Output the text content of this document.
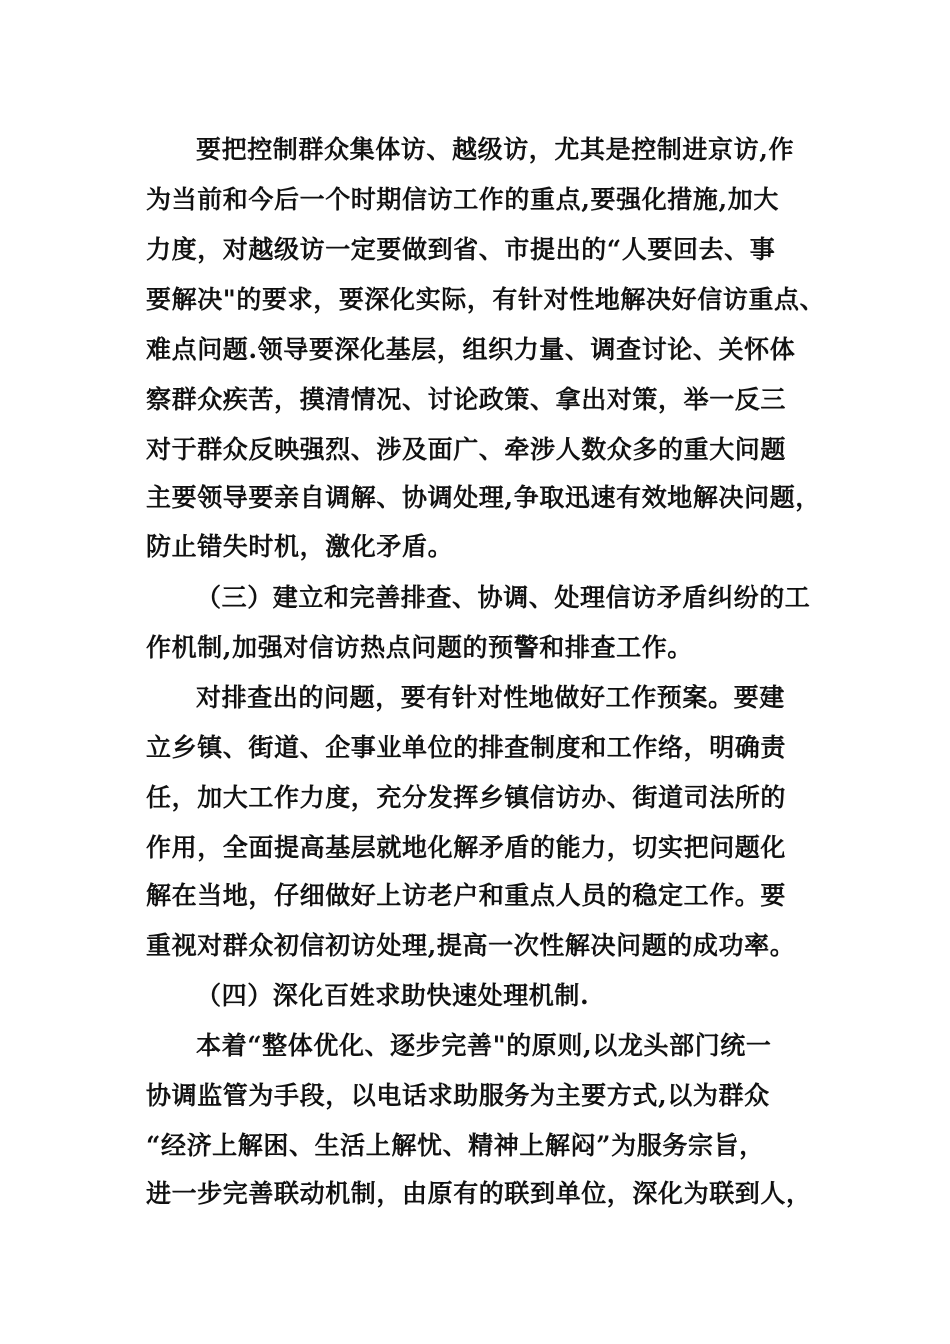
要把控制群众集体访、越级访，尤其是控制进京访,作
为当前和今后一个时期信访工作的重点,要强化措施,加大
力度，对越级访一定要做到省、市提出的“人要回去、事
要解决"的要求，要深化实际，有针对性地解决好信访重点、
难点问题.领导要深化基层，组织力量、调查讨论、关怀体
察群众疾苦，摸清情况、讨论政策、拿出对策，举一反三
对于群众反映强烈、涉及面广、牵涉人数众多的重大问题
主要领导要亲自调解、协调处理,争取迅速有效地解决问题，
防止错失时机，激化矛盾。
（三）建立和完善排查、协调、处理信访矛盾纠纷的工
作机制,加强对信访热点问题的预警和排查工作。
对排查出的问题，要有针对性地做好工作预案。要建
立乡镇、街道、企事业单位的排查制度和工作络，明确责
任，加大工作力度，充分发挥乡镇信访办、街道司法所的
作用，全面提高基层就地化解矛盾的能力，切实把问题化
解在当地，仔细做好上访老户和重点人员的稳定工作。要
重视对群众初信初访处理,提高一次性解决问题的成功率。
（四）深化百姓求助快速处理机制.
本着“整体优化、逐步完善"的原则,以龙头部门统一
协调监管为手段，以电话求助服务为主要方式,以为群众
“经济上解困、生活上解忧、精神上解闷”为服务宗旨，
进一步完善联动机制，由原有的联到单位，深化为联到人，
